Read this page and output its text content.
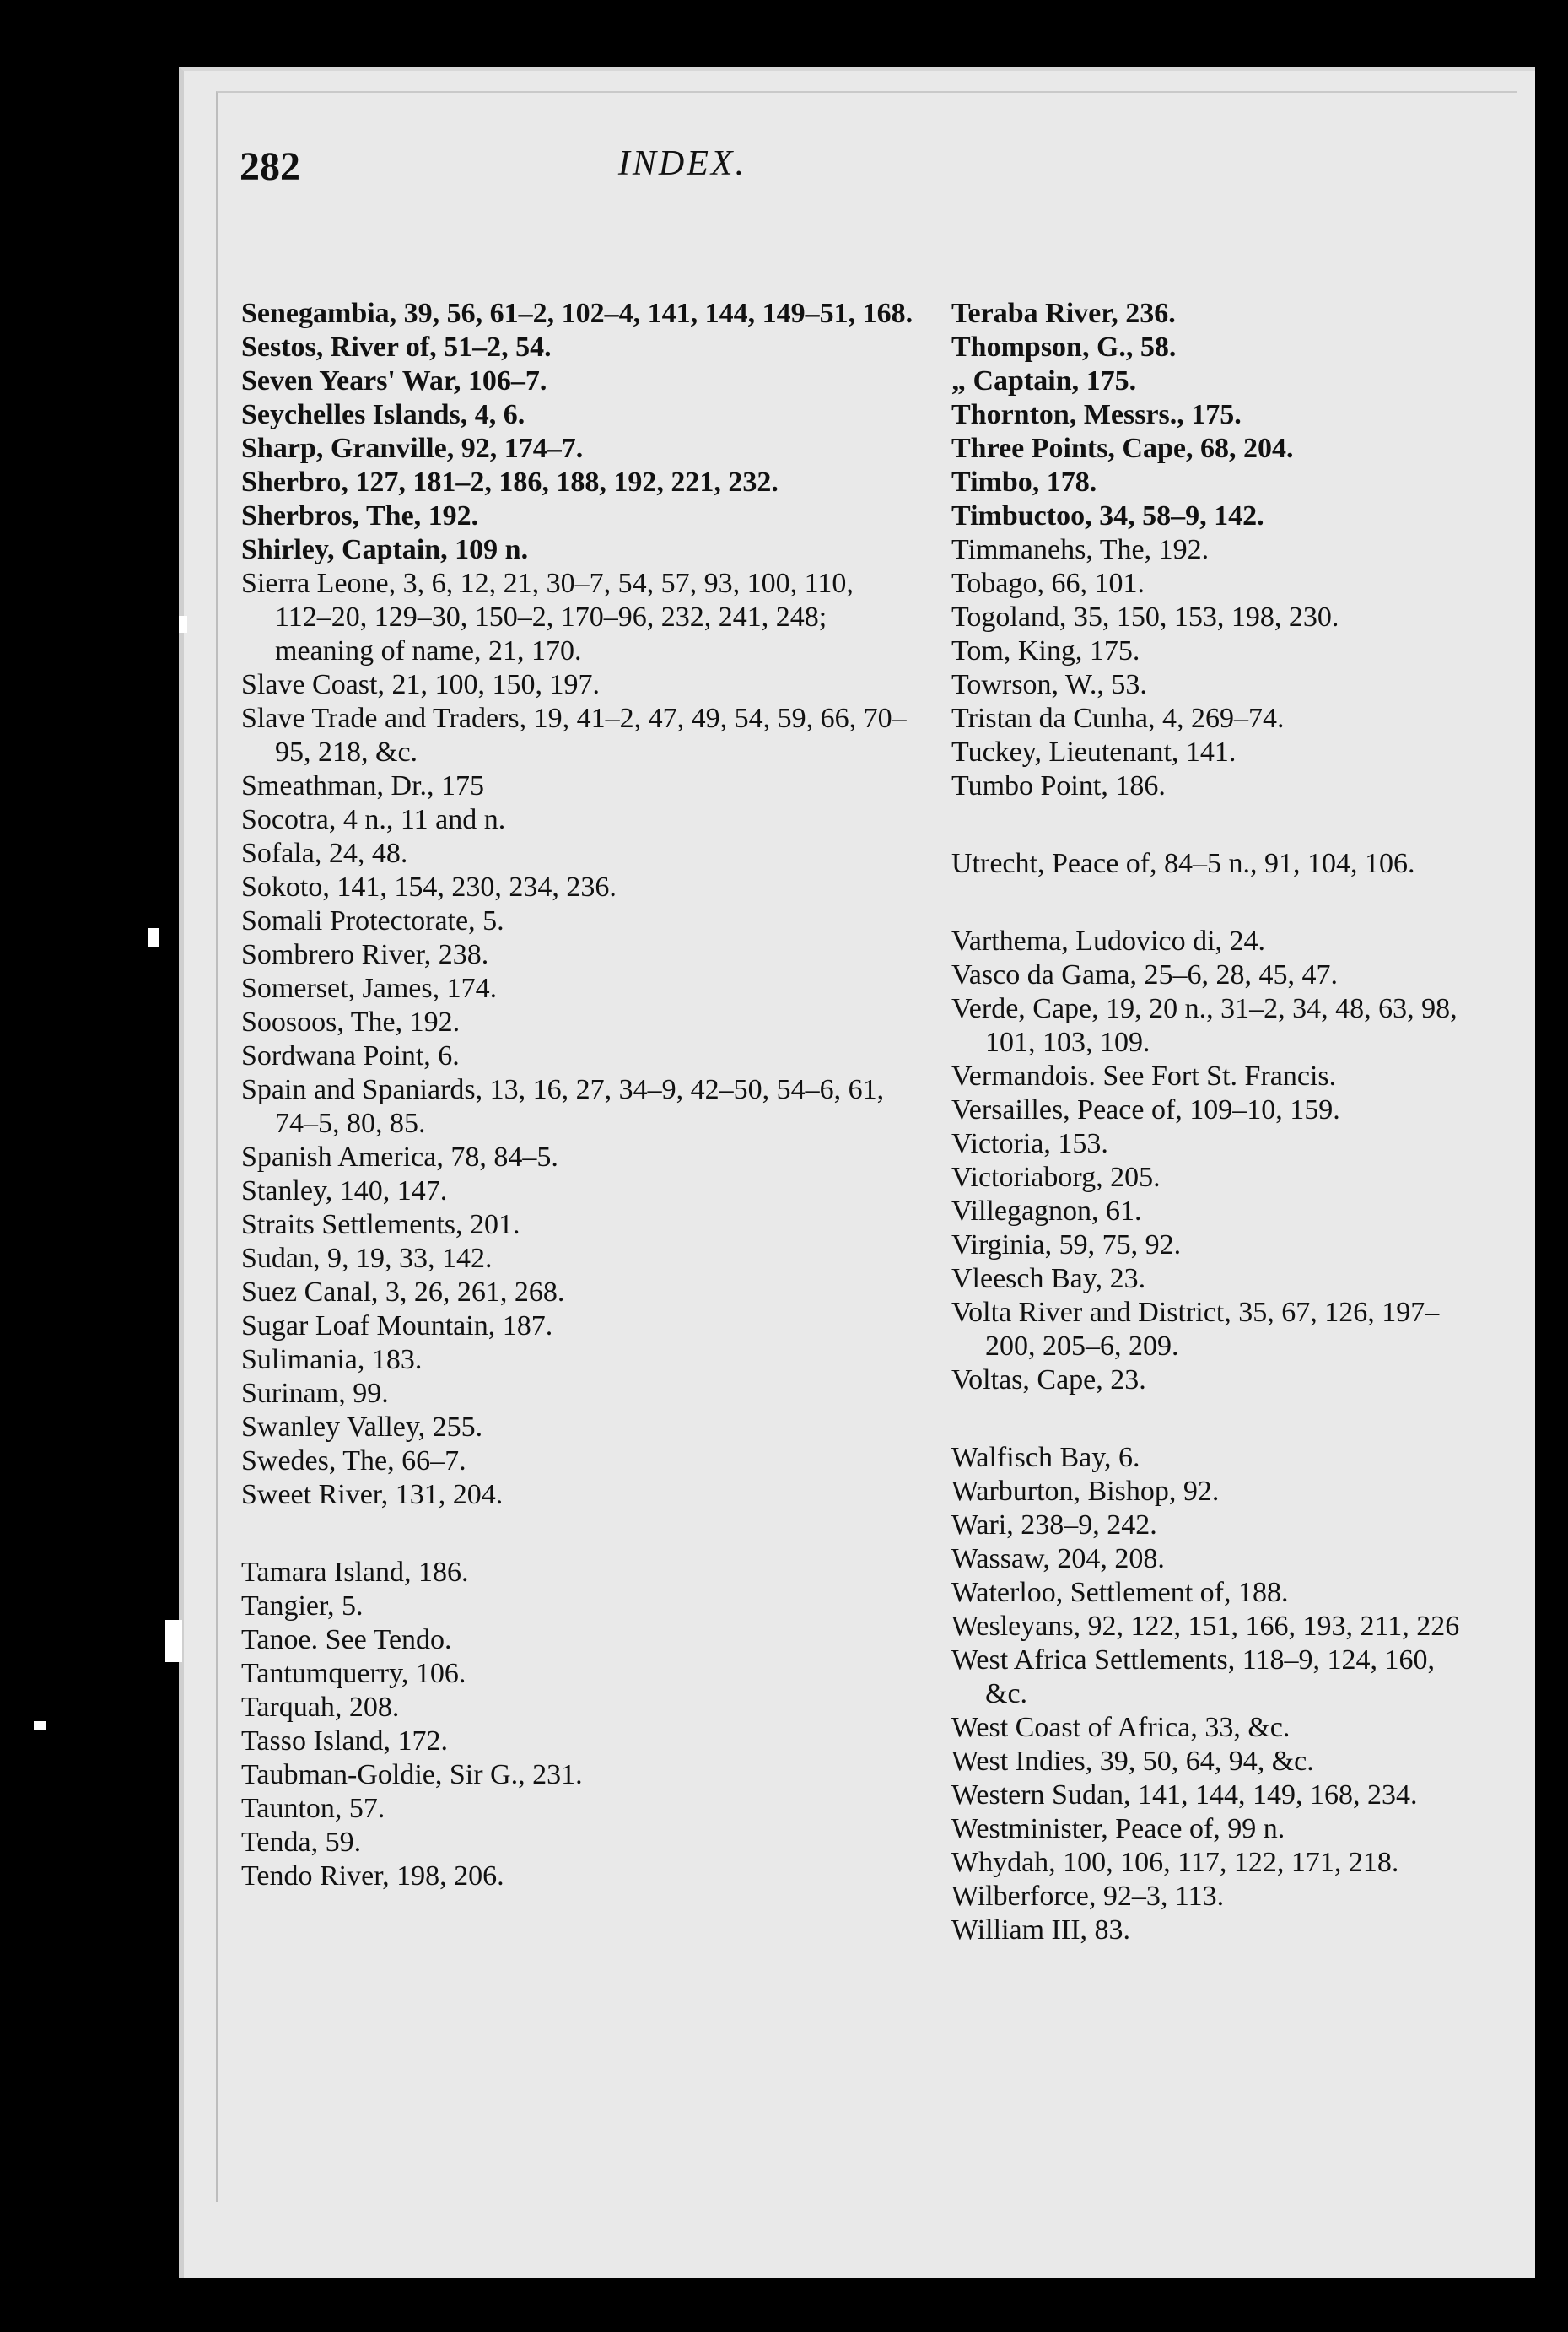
282	INDEX.
Senegambia, 39, 56, 61–2, 102–4, 141, 144, 149–51, 168.
Sestos, River of, 51–2, 54.
Seven Years' War, 106–7.
Seychelles Islands, 4, 6.
Sharp, Granville, 92, 174–7.
Sherbro, 127, 181–2, 186, 188, 192, 221, 232.
Sherbros, The, 192.
Shirley, Captain, 109 n.
Sierra Leone, 3, 6, 12, 21, 30–7, 54, 57, 93, 100, 110, 112–20, 129–30, 150–2, 170–96, 232, 241, 248; meaning of name, 21, 170.
Slave Coast, 21, 100, 150, 197.
Slave Trade and Traders, 19, 41–2, 47, 49, 54, 59, 66, 70–95, 218, &c.
Smeathman, Dr., 175
Socotra, 4 n., 11 and n.
Sofala, 24, 48.
Sokoto, 141, 154, 230, 234, 236.
Somali Protectorate, 5.
Sombrero River, 238.
Somerset, James, 174.
Soosoos, The, 192.
Sordwana Point, 6.
Spain and Spaniards, 13, 16, 27, 34–9, 42–50, 54–6, 61, 74–5, 80, 85.
Spanish America, 78, 84–5.
Stanley, 140, 147.
Straits Settlements, 201.
Sudan, 9, 19, 33, 142.
Suez Canal, 3, 26, 261, 268.
Sugar Loaf Mountain, 187.
Sulimania, 183.
Surinam, 99.
Swanley Valley, 255.
Swedes, The, 66–7.
Sweet River, 131, 204.
Tamara Island, 186.
Tangier, 5.
Tanoe. See Tendo.
Tantumquerry, 106.
Tarquah, 208.
Tasso Island, 172.
Taubman-Goldie, Sir G., 231.
Taunton, 57.
Tenda, 59.
Tendo River, 198, 206.
Teraba River, 236.
Thompson, G., 58.
„ Captain, 175.
Thornton, Messrs., 175.
Three Points, Cape, 68, 204.
Timbo, 178.
Timbuctoo, 34, 58–9, 142.
Timmanehs, The, 192.
Tobago, 66, 101.
Togoland, 35, 150, 153, 198, 230.
Tom, King, 175.
Towrson, W., 53.
Tristan da Cunha, 4, 269–74.
Tuckey, Lieutenant, 141.
Tumbo Point, 186.
Utrecht, Peace of, 84–5 n., 91, 104, 106.
Varthema, Ludovico di, 24.
Vasco da Gama, 25–6, 28, 45, 47.
Verde, Cape, 19, 20 n., 31–2, 34, 48, 63, 98, 101, 103, 109.
Vermandois. See Fort St. Francis.
Versailles, Peace of, 109–10, 159.
Victoria, 153.
Victoriaborg, 205.
Villegagnon, 61.
Virginia, 59, 75, 92.
Vleesch Bay, 23.
Volta River and District, 35, 67, 126, 197–200, 205–6, 209.
Voltas, Cape, 23.
Walfisch Bay, 6.
Warburton, Bishop, 92.
Wari, 238–9, 242.
Wassaw, 204, 208.
Waterloo, Settlement of, 188.
Wesleyans, 92, 122, 151, 166, 193, 211, 226
West Africa Settlements, 118–9, 124, 160, &c.
West Coast of Africa, 33, &c.
West Indies, 39, 50, 64, 94, &c.
Western Sudan, 141, 144, 149, 168, 234.
Westminister, Peace of, 99 n.
Whydah, 100, 106, 117, 122, 171, 218.
Wilberforce, 92–3, 113.
William III, 83.
